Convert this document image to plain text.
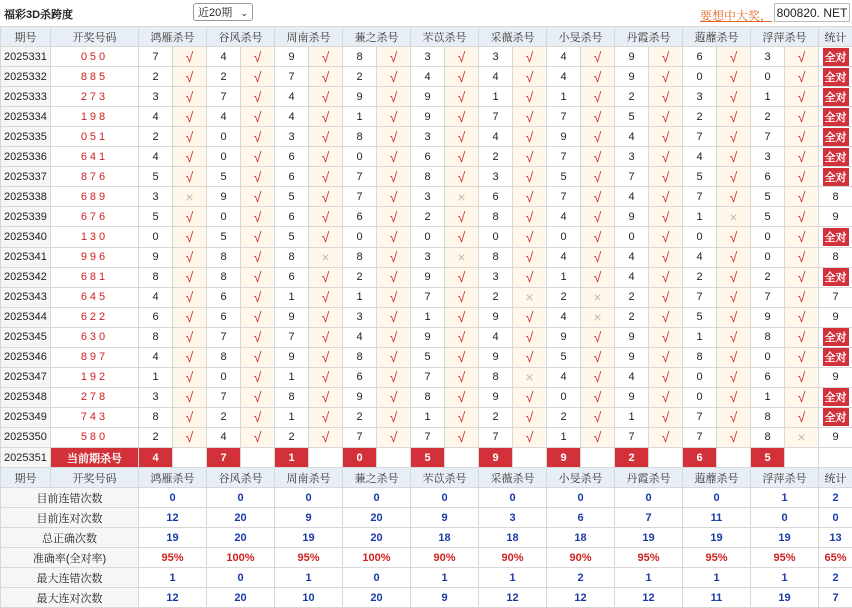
福彩3D杀跨度	近20期 ⌄	要想中大奖， 800820. NET
期号	开奖号码	鸿雁杀号		谷风杀号		周南杀号		蒹之杀号		芣苡杀号		采薇杀号		小旻杀号		丹霞杀号		蕸蘼杀号		浮萍杀号		统计
2025331	050	7	√	4	√	9	√	8	√	3	√	3	√	4	√	9	√	6	√	3	√	全对
2025332	885	2	√	2	√	7	√	2	√	4	√	4	√	4	√	9	√	0	√	0	√	全对
2025333	273	3	√	7	√	4	√	9	√	9	√	1	√	1	√	2	√	3	√	1	√	全对
2025334	198	4	√	4	√	4	√	1	√	9	√	7	√	7	√	5	√	2	√	2	√	全对
2025335	051	2	√	0	√	3	√	8	√	3	√	4	√	9	√	4	√	7	√	7	√	全对
2025336	641	4	√	0	√	6	√	0	√	6	√	2	√	7	√	3	√	4	√	3	√	全对
2025337	876	5	√	5	√	6	√	7	√	8	√	3	√	5	√	7	√	5	√	6	√	全对
2025338	689	3	×	9	√	5	√	7	√	3	×	6	√	7	√	4	√	7	√	5	√	8
2025339	676	5	√	0	√	6	√	6	√	2	√	8	√	4	√	9	√	1	×	5	√	9
2025340	130	0	√	5	√	5	√	0	√	0	√	0	√	0	√	0	√	0	√	0	√	全对
2025341	996	9	√	8	√	8	×	8	√	3	×	8	√	4	√	4	√	4	√	0	√	8
2025342	681	8	√	8	√	6	√	2	√	9	√	3	√	1	√	4	√	2	√	2	√	全对
2025343	645	4	√	6	√	1	√	1	√	7	√	2	×	2	×	2	√	7	√	7	√	7
2025344	622	6	√	6	√	9	√	3	√	1	√	9	√	4	×	2	√	5	√	9	√	9
2025345	630	8	√	7	√	7	√	4	√	9	√	4	√	9	√	9	√	1	√	8	√	全对
2025346	897	4	√	8	√	9	√	8	√	5	√	9	√	5	√	9	√	8	√	0	√	全对
2025347	192	1	√	0	√	1	√	6	√	7	√	8	×	4	√	4	√	0	√	6	√	9
2025348	278	3	√	7	√	8	√	9	√	8	√	9	√	0	√	9	√	0	√	1	√	全对
2025349	743	8	√	2	√	1	√	2	√	1	√	2	√	2	√	1	√	7	√	8	√	全对
2025350	580	2	√	4	√	2	√	7	√	7	√	7	√	1	√	7	√	7	√	8	×	9
2025351	当前期杀号	4		7		1		0		5		9		9		2		6		5		
期号	开奖号码	鸿雁杀号		谷风杀号		周南杀号		蒹之杀号		芣苡杀号		采薇杀号		小旻杀号		丹霞杀号		蕸蘼杀号		浮萍杀号		统计
目前连错次数		0		0		0		0		0		0		0		0		0		1		2
目前连对次数		12		20		9		20		9		3		6		7		11		0		0
总正确次数		19		20		19		20		18		18		18		19		19		19		13
准确率(全对率)		95%		100%		95%		100%		90%		90%		90%		95%		95%		95%		65%
最大连错次数		1		0		1		0		1		1		2		1		1		1		2
最大连对次数		12		20		10		20		9		12		12		12		11		19		7
